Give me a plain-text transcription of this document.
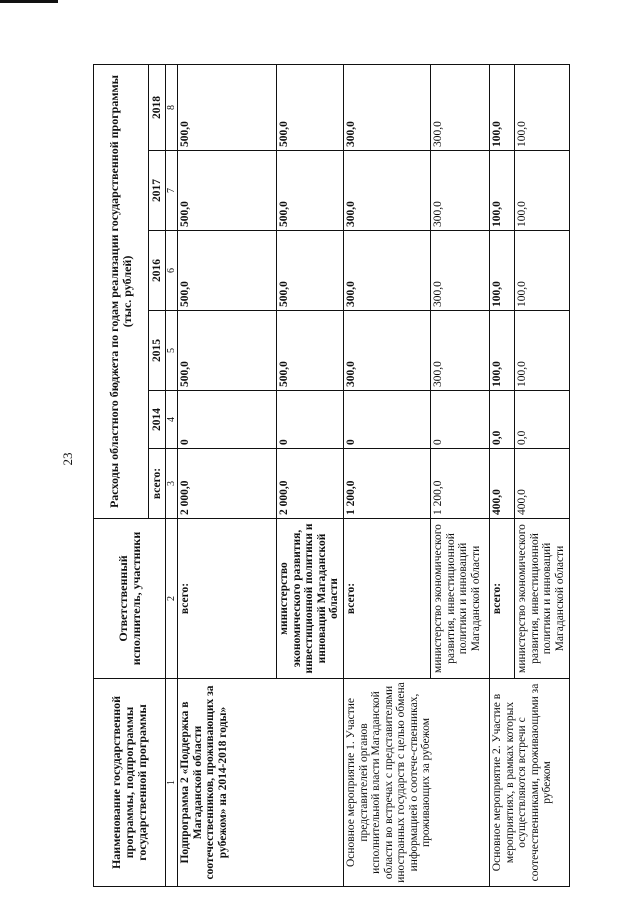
23
Наименование государственной программы, подпрограммы государственной программы	Ответственный исполнитель, участники	Расходы областного бюджета по годам реализации государственной программы (тыс. рублей)					
		всего:	2014	2015	2016	2017	2018
1	2	3	4	5	6	7	8
Подпрограмма 2 «Поддержка в Магаданской области соотечественников, проживающих за рубежом» на 2014-2018 годы»	всего:	2 000,0	0	500,0	500,0	500,0	500,0
	министерство экономического развития, инвестиционной политики и инноваций Магаданской области	2 000,0	0	500,0	500,0	500,0	500,0
Основное мероприятие 1. Участие представителей органов исполнительной власти Магаданской области во встречах с представителями иностранных государств с целью обмена информацией о соотече-ственниках, проживающих за рубежом	всего:	1 200,0	0	300,0	300,0	300,0	300,0
	министерство экономического развития, инвестиционной политики и инноваций Магаданской области	1 200,0	0	300,0	300,0	300,0	300,0
Основное мероприятие 2. Участие в мероприятиях, в рамках которых осуществляются встречи с соотечественниками, проживающими за рубежом	всего:	400,0	0,0	100,0	100,0	100,0	100,0
	министерство экономического развития, инвестиционной политики и инноваций Магаданской области	400,0	0,0	100,0	100,0	100,0	100,0
